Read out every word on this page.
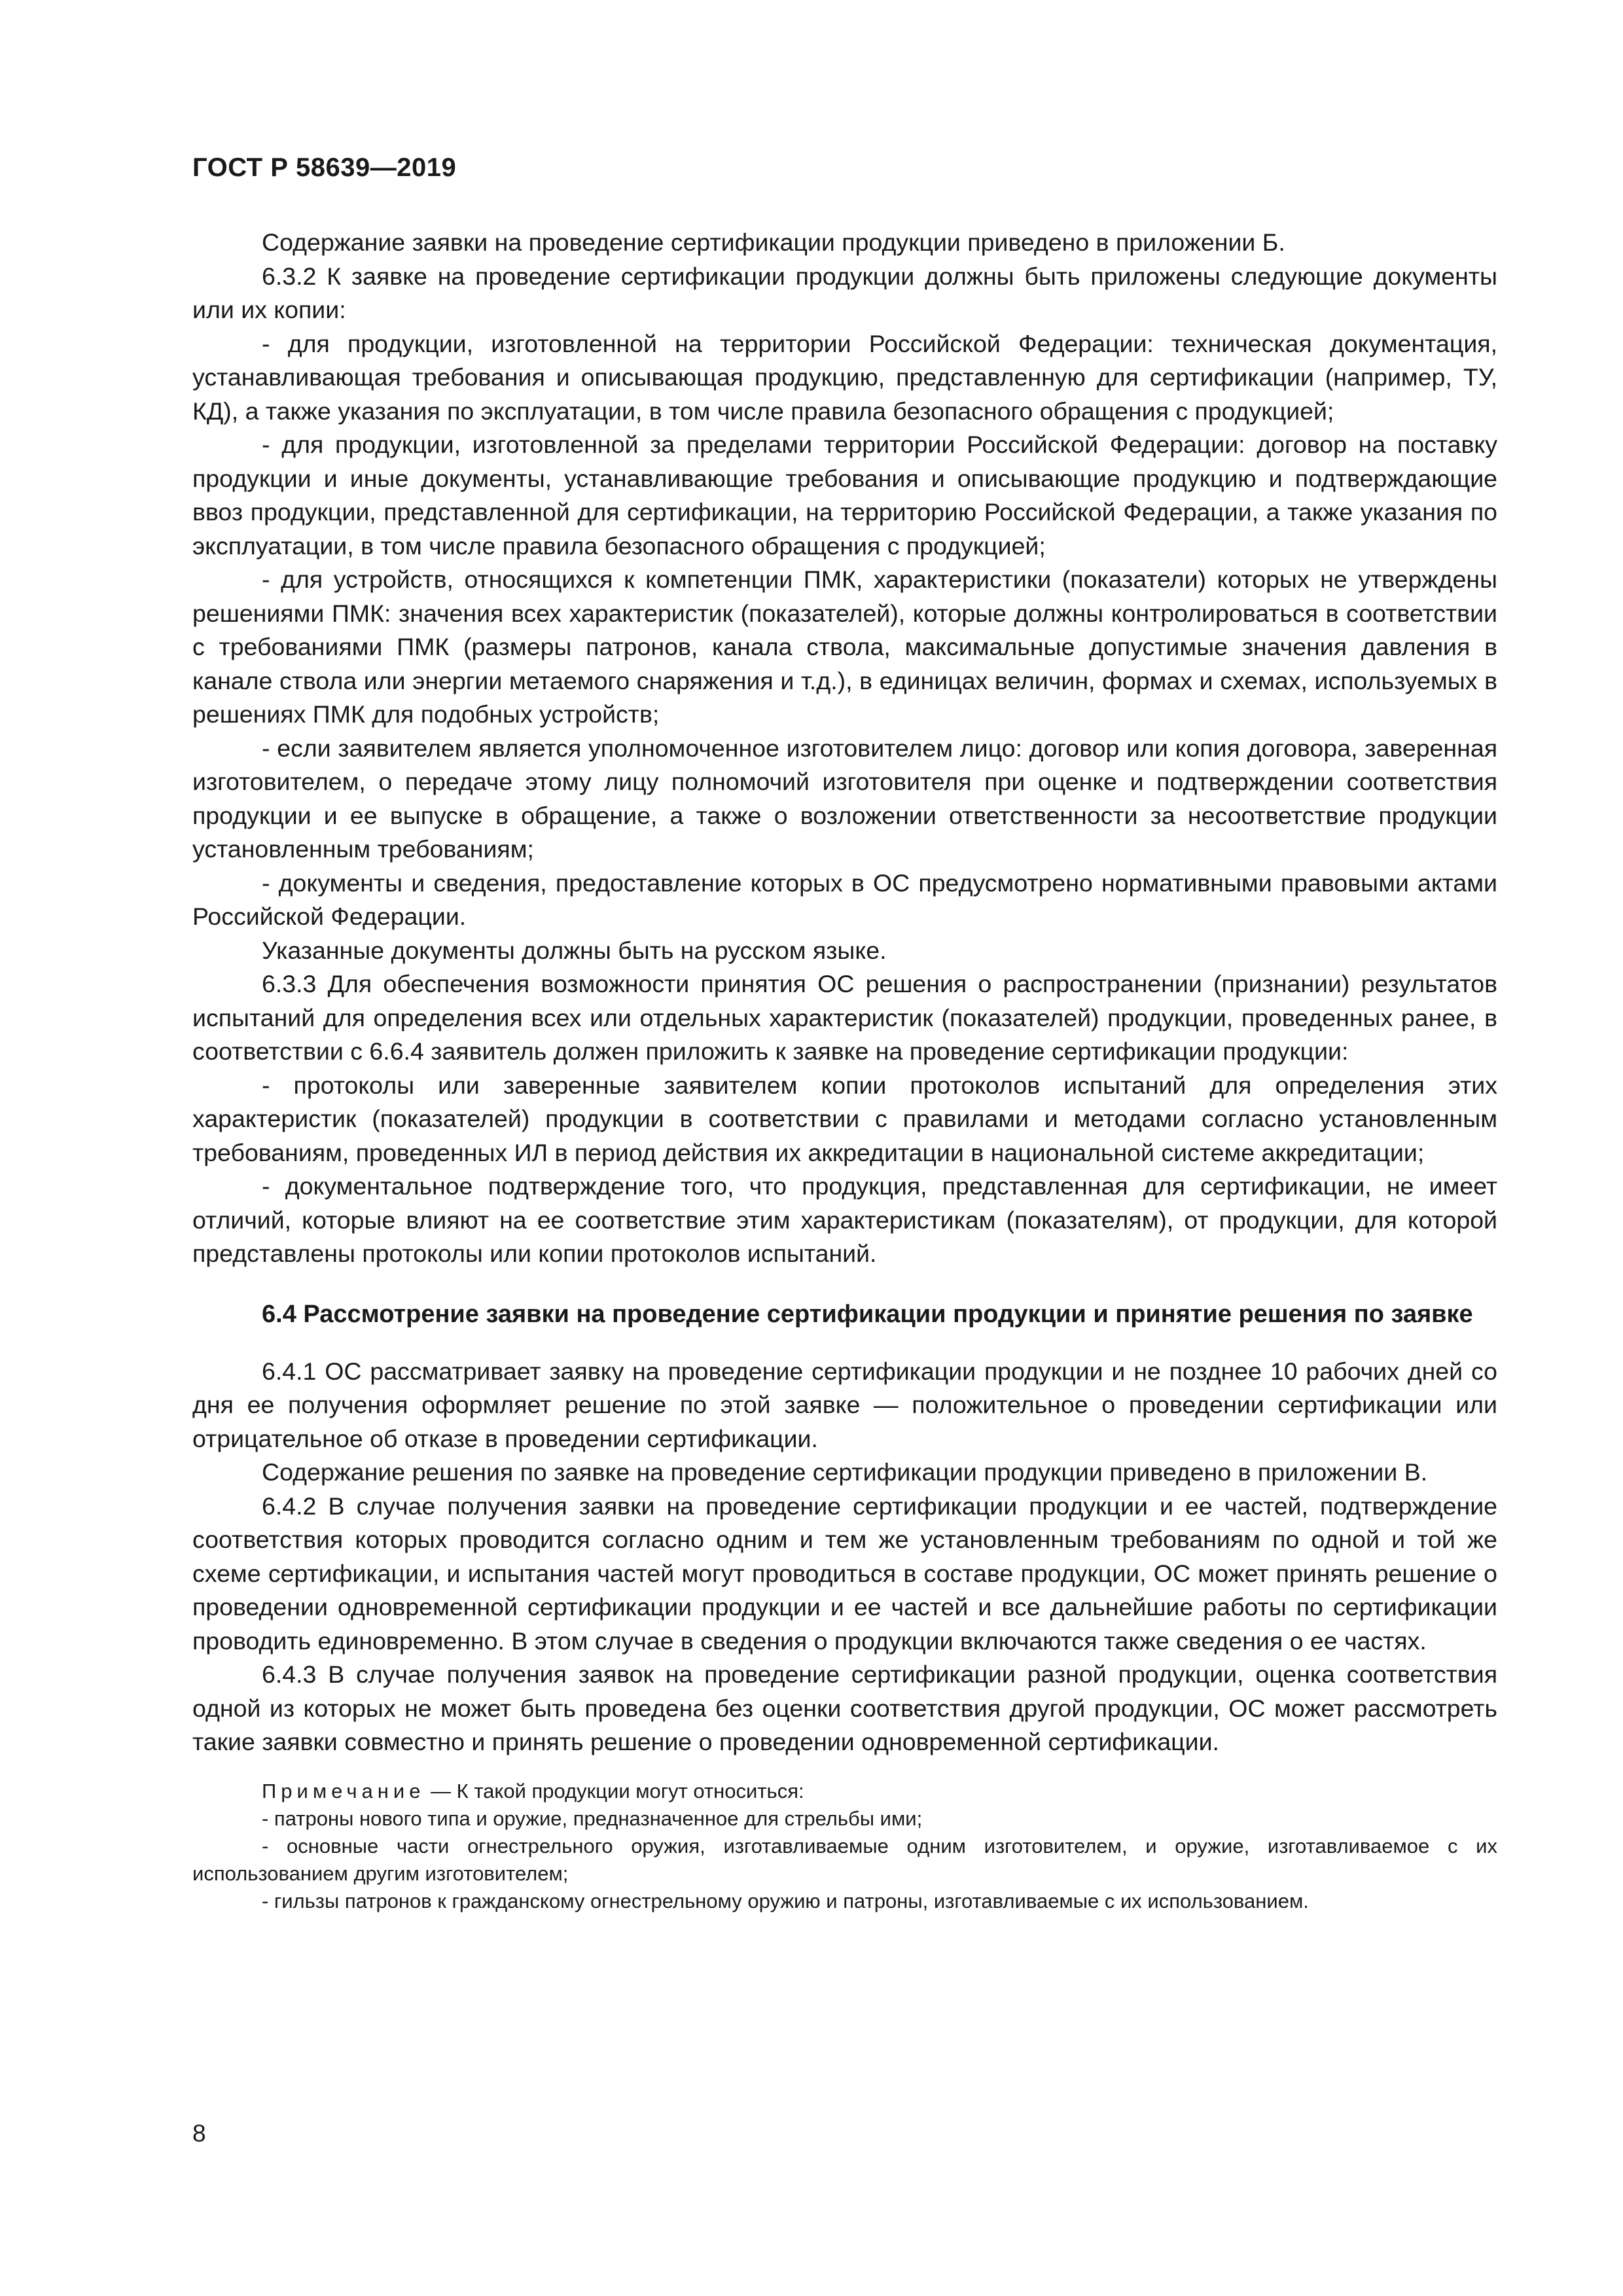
ГОСТ Р 58639—2019

Содержание заявки на проведение сертификации продукции приведено в приложении Б.

6.3.2 К заявке на проведение сертификации продукции должны быть приложены следующие документы или их копии:

- для продукции, изготовленной на территории Российской Федерации: техническая документация, устанавливающая требования и описывающая продукцию, представленную для сертификации (например, ТУ, КД), а также указания по эксплуатации, в том числе правила безопасного обращения с продукцией;

- для продукции, изготовленной за пределами территории Российской Федерации: договор на поставку продукции и иные документы, устанавливающие требования и описывающие продукцию и подтверждающие ввоз продукции, представленной для сертификации, на территорию Российской Федерации, а также указания по эксплуатации, в том числе правила безопасного обращения с продукцией;

- для устройств, относящихся к компетенции ПМК, характеристики (показатели) которых не утверждены решениями ПМК: значения всех характеристик (показателей), которые должны контролироваться в соответствии с требованиями ПМК (размеры патронов, канала ствола, максимальные допустимые значения давления в канале ствола или энергии метаемого снаряжения и т.д.), в единицах величин, формах и схемах, используемых в решениях ПМК для подобных устройств;

- если заявителем является уполномоченное изготовителем лицо: договор или копия договора, заверенная изготовителем, о передаче этому лицу полномочий изготовителя при оценке и подтверждении соответствия продукции и ее выпуске в обращение, а также о возложении ответственности за несоответствие продукции установленным требованиям;

- документы и сведения, предоставление которых в ОС предусмотрено нормативными правовыми актами Российской Федерации.

Указанные документы должны быть на русском языке.

6.3.3 Для обеспечения возможности принятия ОС решения о распространении (признании) результатов испытаний для определения всех или отдельных характеристик (показателей) продукции, проведенных ранее, в соответствии с 6.6.4 заявитель должен приложить к заявке на проведение сертификации продукции:

- протоколы или заверенные заявителем копии протоколов испытаний для определения этих характеристик (показателей) продукции в соответствии с правилами и методами согласно установленным требованиям, проведенных ИЛ в период действия их аккредитации в национальной системе аккредитации;

- документальное подтверждение того, что продукция, представленная для сертификации, не имеет отличий, которые влияют на ее соответствие этим характеристикам (показателям), от продукции, для которой представлены протоколы или копии протоколов испытаний.

6.4 Рассмотрение заявки на проведение сертификации продукции и принятие решения по заявке

6.4.1 ОС рассматривает заявку на проведение сертификации продукции и не позднее 10 рабочих дней со дня ее получения оформляет решение по этой заявке — положительное о проведении сертификации или отрицательное об отказе в проведении сертификации.

Содержание решения по заявке на проведение сертификации продукции приведено в приложении В.

6.4.2 В случае получения заявки на проведение сертификации продукции и ее частей, подтверждение соответствия которых проводится согласно одним и тем же установленным требованиям по одной и той же схеме сертификации, и испытания частей могут проводиться в составе продукции, ОС может принять решение о проведении одновременной сертификации продукции и ее частей и все дальнейшие работы по сертификации проводить единовременно. В этом случае в сведения о продукции включаются также сведения о ее частях.

6.4.3 В случае получения заявок на проведение сертификации разной продукции, оценка соответствия одной из которых не может быть проведена без оценки соответствия другой продукции, ОС может рассмотреть такие заявки совместно и принять решение о проведении одновременной сертификации.

Примечание — К такой продукции могут относиться:

- патроны нового типа и оружие, предназначенное для стрельбы ими;

- основные части огнестрельного оружия, изготавливаемые одним изготовителем, и оружие, изготавливаемое с их использованием другим изготовителем;

- гильзы патронов к гражданскому огнестрельному оружию и патроны, изготавливаемые с их использованием.

8
